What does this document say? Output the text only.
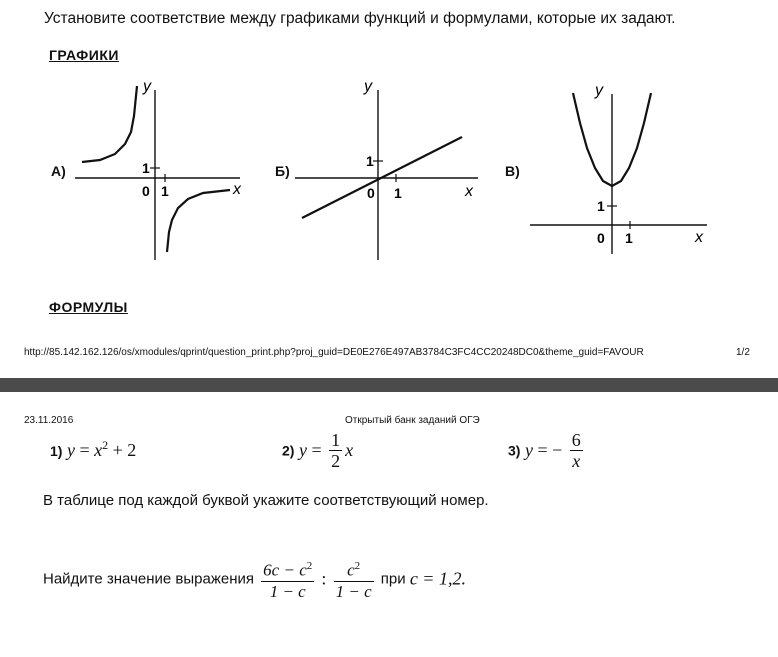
Установите соответствие между графиками функций и формулами, которые их задают.
ГРАФИКИ
А)	1
0 1
y
x
Б)
1
0 1
y
x
В)
1
0 1
y
x
ФОРМУЛЫ
http://85.142.162.126/os/xmodules/qprint/question_print.php?proj_guid=DE0E276E497AB3784C3FC4CC20248DC0&theme_guid=FAVOUR	1/2
23.11.2016	Открытый банк заданий ОГЭ
1) $y = x^2 + 2$	2) $y = \frac{1}{2}$ x	3) y = − $\frac{6}{x}$
В таблице под каждой буквой укажите соответствующий номер.
Найдите значение выражения $\frac{6c - c^2}{1 - c}$ : $\frac{c^2}{1 - c}$ при c = 1,2.
